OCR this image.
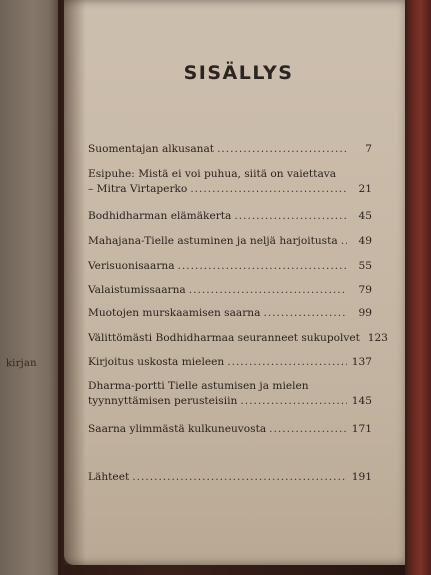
kirjan
SISÄLLYS
Suomentajan alkusanat .....	7
Esipuhe: Mistä ei voi puhua, siitä on vaiettava
– Mitra Virtaperko .....	21
Bodhidharman elämäkerta .....	45
Mahajana-Tielle astuminen ja neljä harjoitusta .....	49
Verisuonisaarna .....	55
Valaistumissaarna .....	79
Muotojen murskaamisen saarna .....	99
Välittömästi Bodhidharmaa seuranneet sukupolvet 123
Kirjoitus uskosta mieleen .....	137
Dharma-portti Tielle astumisen ja mielen
tyynnyttämisen perusteisiin .....	145
Saarna ylimmästä kulkuneuvosta .....	171
Lähteet .....	191
